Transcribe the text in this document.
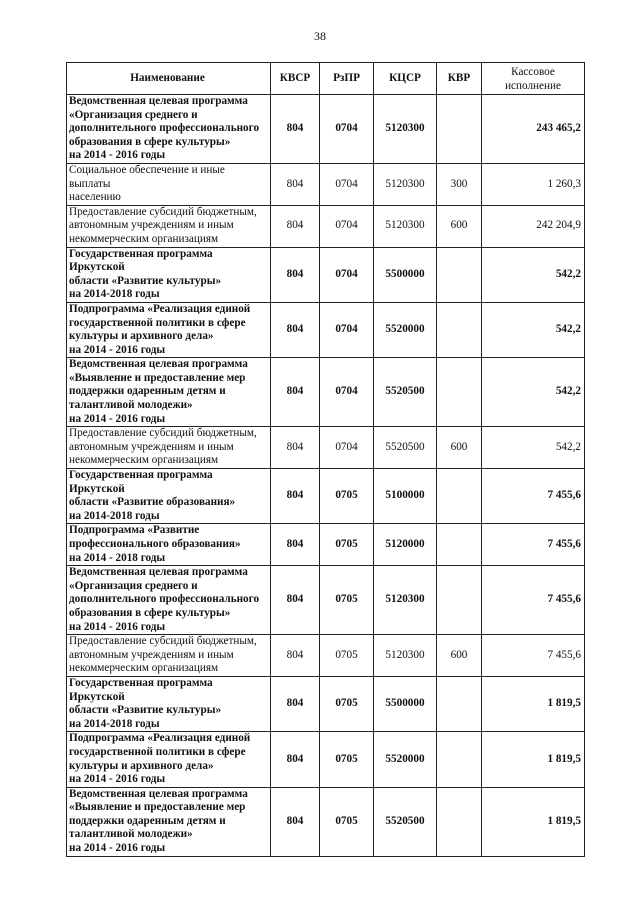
38
Наименование	КВСР	РзПР	КЦСР	КВР	Кассовое
исполнение
Ведомственная целевая программа
«Организация среднего и
дополнительного профессионального
образования в сфере культуры»
на 2014 - 2016 годы	804	0704	5120300		243 465,2
Социальное обеспечение и иные выплаты
населению	804	0704	5120300	300	1 260,3
Предоставление субсидий бюджетным,
автономным учреждениям и иным
некоммерческим организациям	804	0704	5120300	600	242 204,9
Государственная программа Иркутской
области «Развитие культуры»
на 2014-2018 годы	804	0704	5500000		542,2
Подпрограмма «Реализация единой
государственной политики в сфере
культуры и архивного дела»
на 2014 - 2016 годы	804	0704	5520000		542,2
Ведомственная целевая программа
«Выявление и предоставление мер
поддержки одаренным детям и
талантливой молодежи»
на 2014 - 2016 годы	804	0704	5520500		542,2
Предоставление субсидий бюджетным,
автономным учреждениям и иным
некоммерческим организациям	804	0704	5520500	600	542,2
Государственная программа Иркутской
области «Развитие образования»
на 2014-2018 годы	804	0705	5100000		7 455,6
Подпрограмма «Развитие
профессионального образования»
на 2014 - 2018 годы	804	0705	5120000		7 455,6
Ведомственная целевая программа
«Организация среднего и
дополнительного профессионального
образования в сфере культуры»
на 2014 - 2016 годы	804	0705	5120300		7 455,6
Предоставление субсидий бюджетным,
автономным учреждениям и иным
некоммерческим организациям	804	0705	5120300	600	7 455,6
Государственная программа Иркутской
области «Развитие культуры»
на 2014-2018 годы	804	0705	5500000		1 819,5
Подпрограмма «Реализация единой
государственной политики в сфере
культуры и архивного дела»
на 2014 - 2016 годы	804	0705	5520000		1 819,5
Ведомственная целевая программа
«Выявление и предоставление мер
поддержки одаренным детям и
талантливой молодежи»
на 2014 - 2016 годы	804	0705	5520500		1 819,5
